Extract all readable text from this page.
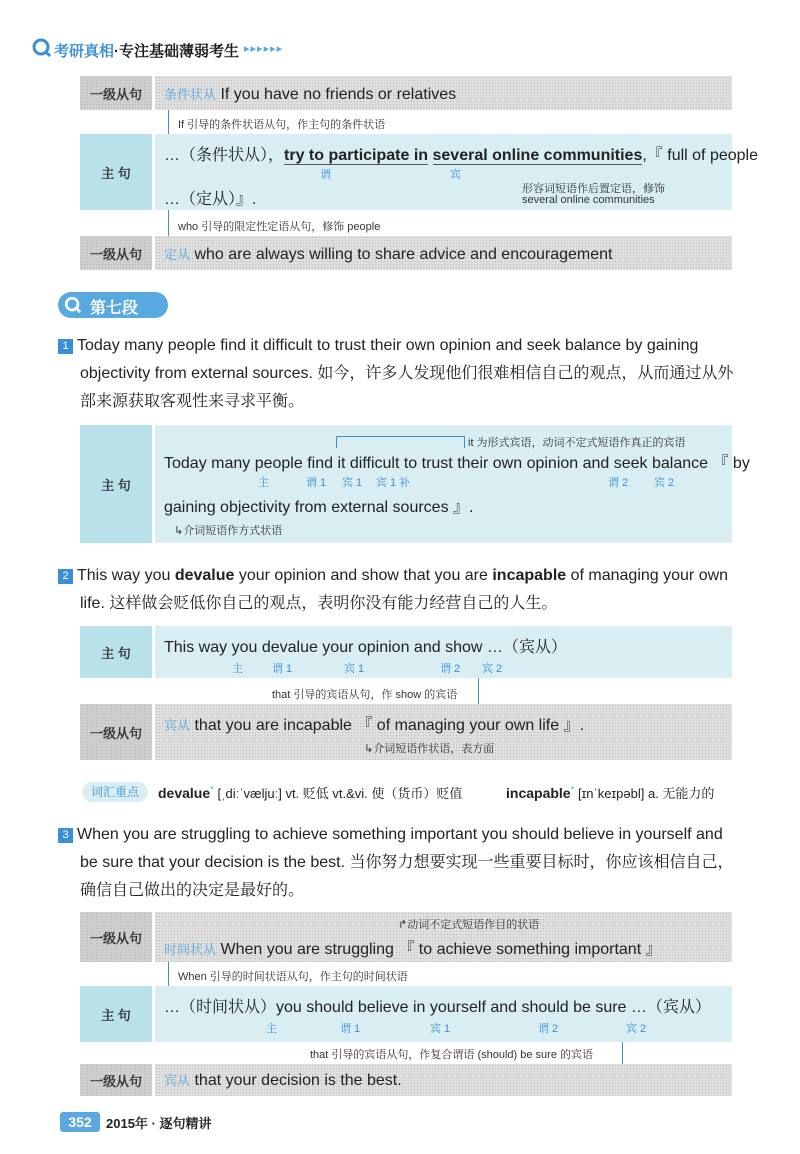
考研真相·专注基础薄弱考生 ▸▸▸▸▸▸
一级从句	条件状从 If you have no friends or relatives
If 引导的条件状语从句，作主句的条件状语
主 句
…（条件状从），try to participate in several online communities,『 full of people
谓	宾
…（定从）』.
形容词短语作后置定语，修饰
several online communities
who 引导的限定性定语从句，修饰 people
一级从句	定从 who are always willing to share advice and encouragement
第七段
1 Today many people find it difficult to trust their own opinion and seek balance by gaining
objectivity from external sources. 如今，许多人发现他们很难相信自己的观点，从而通过从外
部来源获取客观性来寻求平衡。
主 句
it 为形式宾语，动词不定式短语作真正的宾语
Today many people find it difficult to trust their own opinion and seek balance 『 by
主	谓 1 宾 1 宾 1 补	谓 2 宾 2
gaining objectivity from external sources 』.
↳介词短语作方式状语
2 This way you devalue your opinion and show that you are incapable of managing your own
life. 这样做会贬低你自己的观点，表明你没有能力经营自己的人生。
主 句	This way you devalue your opinion and show …（宾从）
主	谓 1	宾 1	谓 2 宾 2
that 引导的宾语从句，作 show 的宾语
一级从句	宾从 that you are incapable 『 of managing your own life 』.
↳介词短语作状语，表方面
词汇重点	devalue* [ˌdiːˈvæljuː] vt. 贬低 vt.&vi. 使（货币）贬值	incapable* [ɪnˈkeɪpəbl] a. 无能力的
3 When you are struggling to achieve something important you should believe in yourself and
be sure that your decision is the best. 当你努力想要实现一些重要目标时，你应该相信自己，
确信自己做出的决定是最好的。
一级从句
↱动词不定式短语作目的状语
时间状从 When you are struggling 『 to achieve something important 』
When 引导的时间状语从句，作主句的时间状语
主 句	…（时间状从）you should believe in yourself and should be sure …（宾从）
主	谓 1	宾 1	谓 2	宾 2
that 引导的宾语从句，作复合谓语 (should) be sure 的宾语
一级从句	宾从 that your decision is the best.
352	2015年 · 逐句精讲
